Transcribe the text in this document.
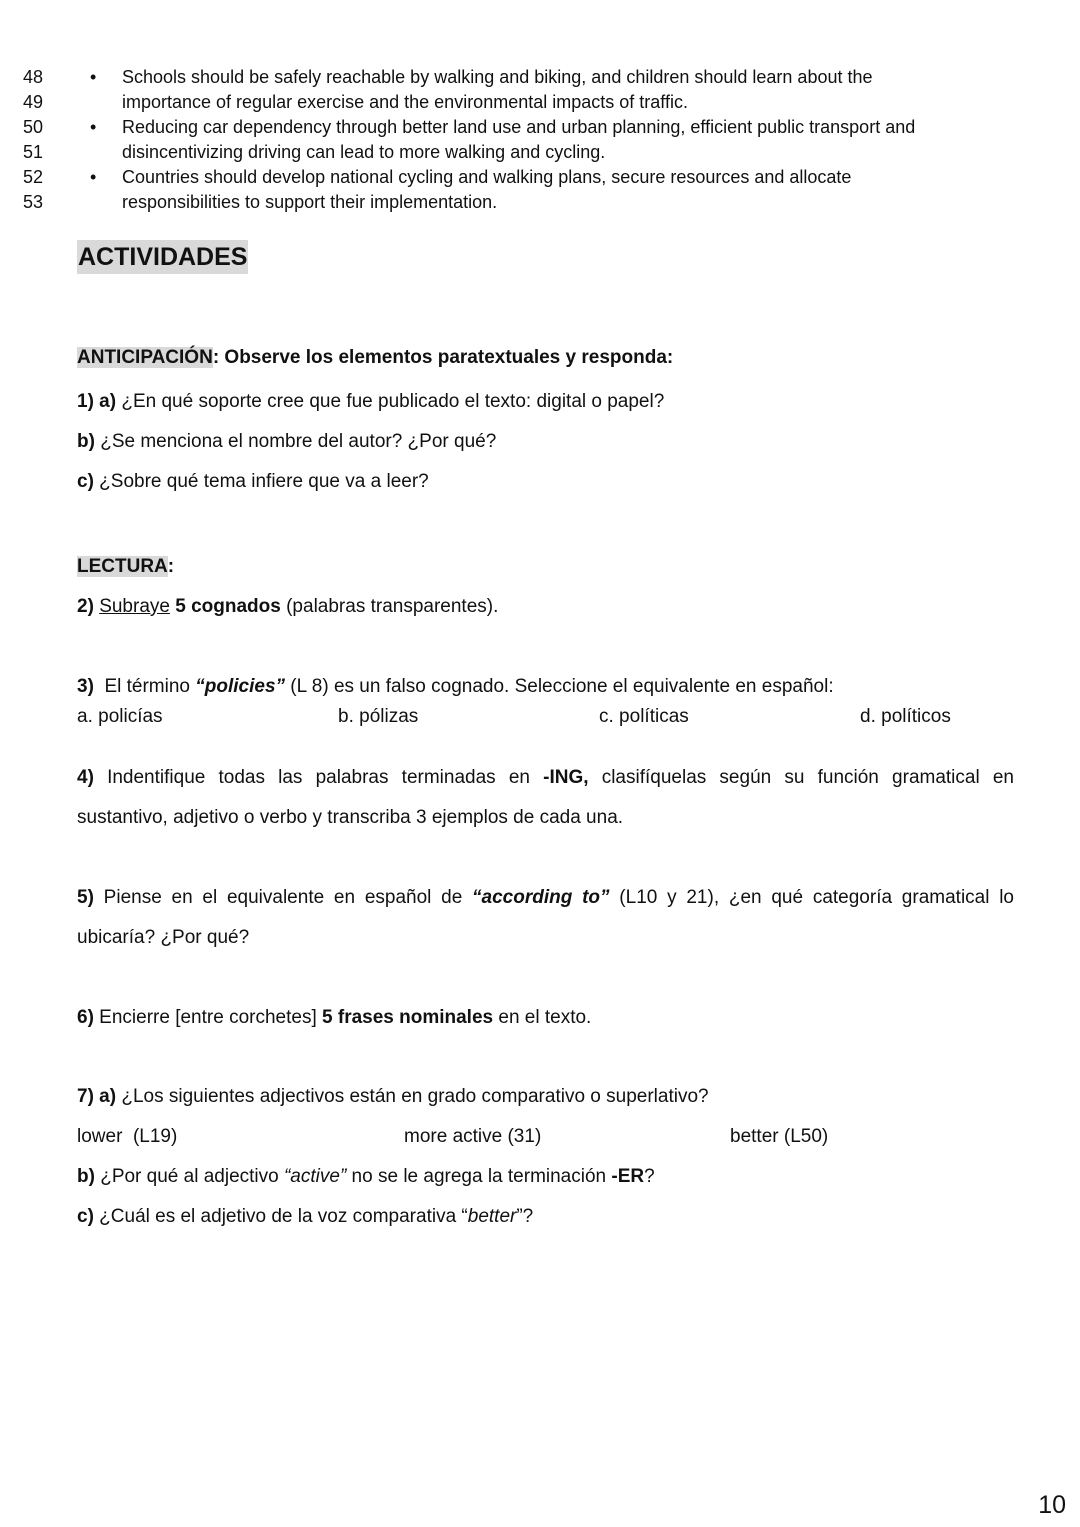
48	• Schools should be safely reachable by walking and biking, and children should learn about the
49	importance of regular exercise and the environmental impacts of traffic.
50	• Reducing car dependency through better land use and urban planning, efficient public transport and
51	disincentivizing driving can lead to more walking and cycling.
52	• Countries should develop national cycling and walking plans, secure resources and allocate
53	responsibilities to support their implementation.
ACTIVIDADES
ANTICIPACIÓN: Observe los elementos paratextuales y responda:
1) a) ¿En qué soporte cree que fue publicado el texto: digital o papel?
b) ¿Se menciona el nombre del autor? ¿Por qué?
c) ¿Sobre qué tema infiere que va a leer?
LECTURA:
2) Subraye 5 cognados (palabras transparentes).
3)  El término “policies” (L 8) es un falso cognado. Seleccione el equivalente en español:
a. policías	b. pólizas	c. políticas	d. políticos
4) Indentifique todas las palabras terminadas en -ING, clasifíquelas según su función gramatical en
sustantivo, adjetivo o verbo y transcriba 3 ejemplos de cada una.
5) Piense en el equivalente en español de “according to” (L10 y 21), ¿en qué categoría gramatical lo
ubicaría? ¿Por qué?
6) Encierre [entre corchetes] 5 frases nominales en el texto.
7) a) ¿Los siguientes adjectivos están en grado comparativo o superlativo?
lower  (L19)	more active (31)	better (L50)
b) ¿Por qué al adjectivo “active” no se le agrega la terminación -ER?
c) ¿Cuál es el adjetivo de la voz comparativa “better”?
10
